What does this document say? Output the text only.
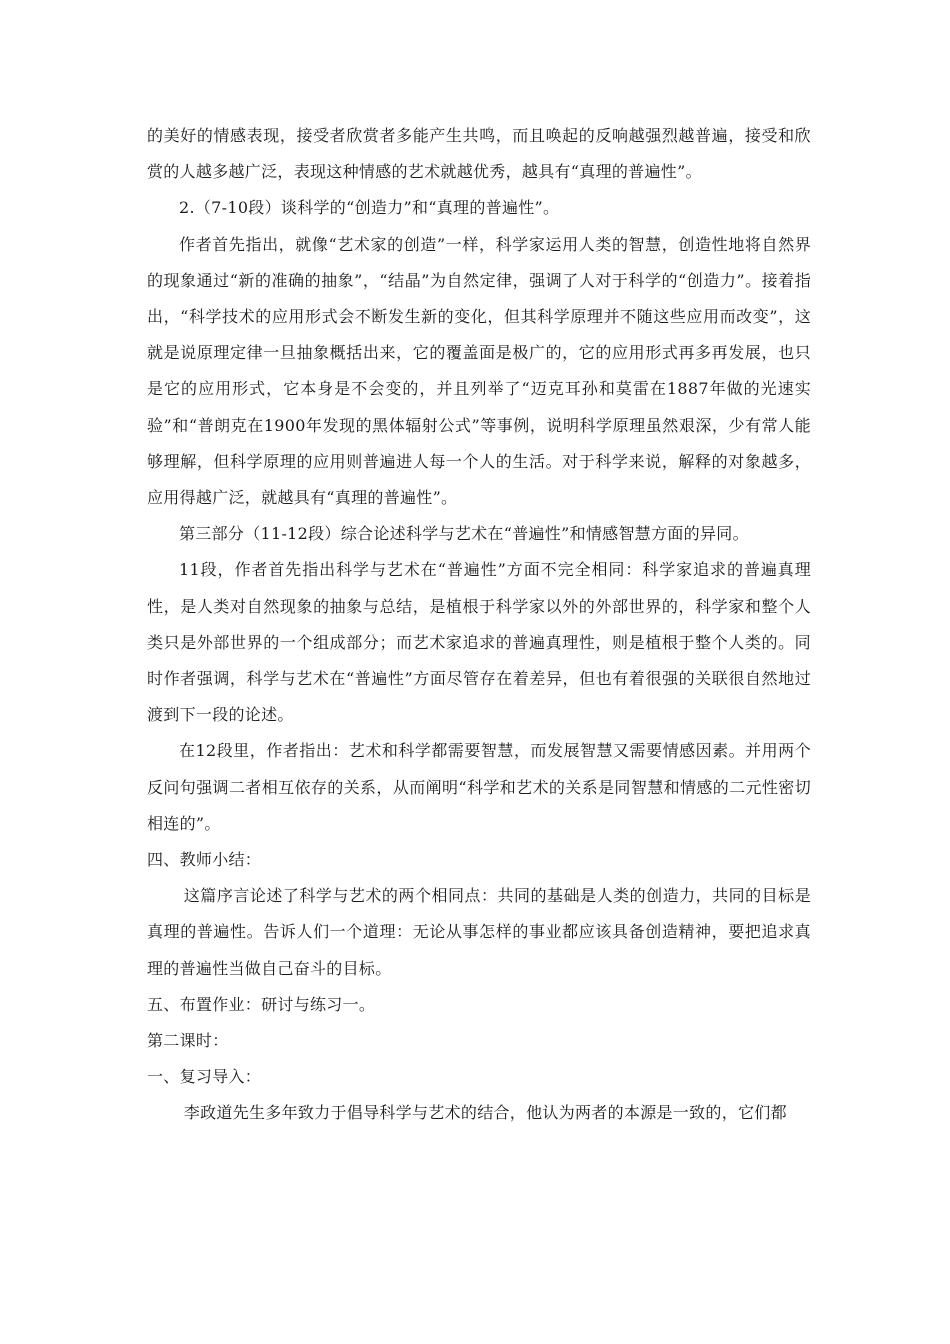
的美好的情感表现，接受者欣赏者多能产生共鸣，而且唤起的反响越强烈越普遍，接受和欣赏的人越多越广泛，表现这种情感的艺术就越优秀，越具有“真理的普遍性”。

2.（7-10段）谈科学的“创造力”和“真理的普遍性”。

作者首先指出，就像“艺术家的创造”一样，科学家运用人类的智慧，创造性地将自然界的现象通过“新的准确的抽象”，“结晶”为自然定律，强调了人对于科学的“创造力”。接着指出，“科学技术的应用形式会不断发生新的变化，但其科学原理并不随这些应用而改变”，这就是说原理定律一旦抽象概括出来，它的覆盖面是极广的，它的应用形式再多再发展，也只是它的应用形式，它本身是不会变的，并且列举了“迈克耳孙和莫雷在1887年做的光速实验”和“普朗克在1900年发现的黑体辐射公式”等事例，说明科学原理虽然艰深，少有常人能够理解，但科学原理的应用则普遍进人每一个人的生活。对于科学来说，解释的对象越多，应用得越广泛，就越具有“真理的普遍性”。

第三部分（11-12段）综合论述科学与艺术在“普遍性”和情感智慧方面的异同。

11段，作者首先指出科学与艺术在“普遍性”方面不完全相同：科学家追求的普遍真理性，是人类对自然现象的抽象与总结，是植根于科学家以外的外部世界的，科学家和整个人类只是外部世界的一个组成部分；而艺术家追求的普遍真理性，则是植根于整个人类的。同时作者强调，科学与艺术在“普遍性”方面尽管存在着差异，但也有着很强的关联很自然地过渡到下一段的论述。

在12段里，作者指出：艺术和科学都需要智慧，而发展智慧又需要情感因素。并用两个反问句强调二者相互依存的关系，从而阐明“科学和艺术的关系是同智慧和情感的二元性密切相连的”。

四、教师小结：

这篇序言论述了科学与艺术的两个相同点：共同的基础是人类的创造力，共同的目标是真理的普遍性。告诉人们一个道理：无论从事怎样的事业都应该具备创造精神，要把追求真理的普遍性当做自己奋斗的目标。

五、布置作业：研讨与练习一。

第二课时：

一、复习导入：

李政道先生多年致力于倡导科学与艺术的结合，他认为两者的本源是一致的，它们都
